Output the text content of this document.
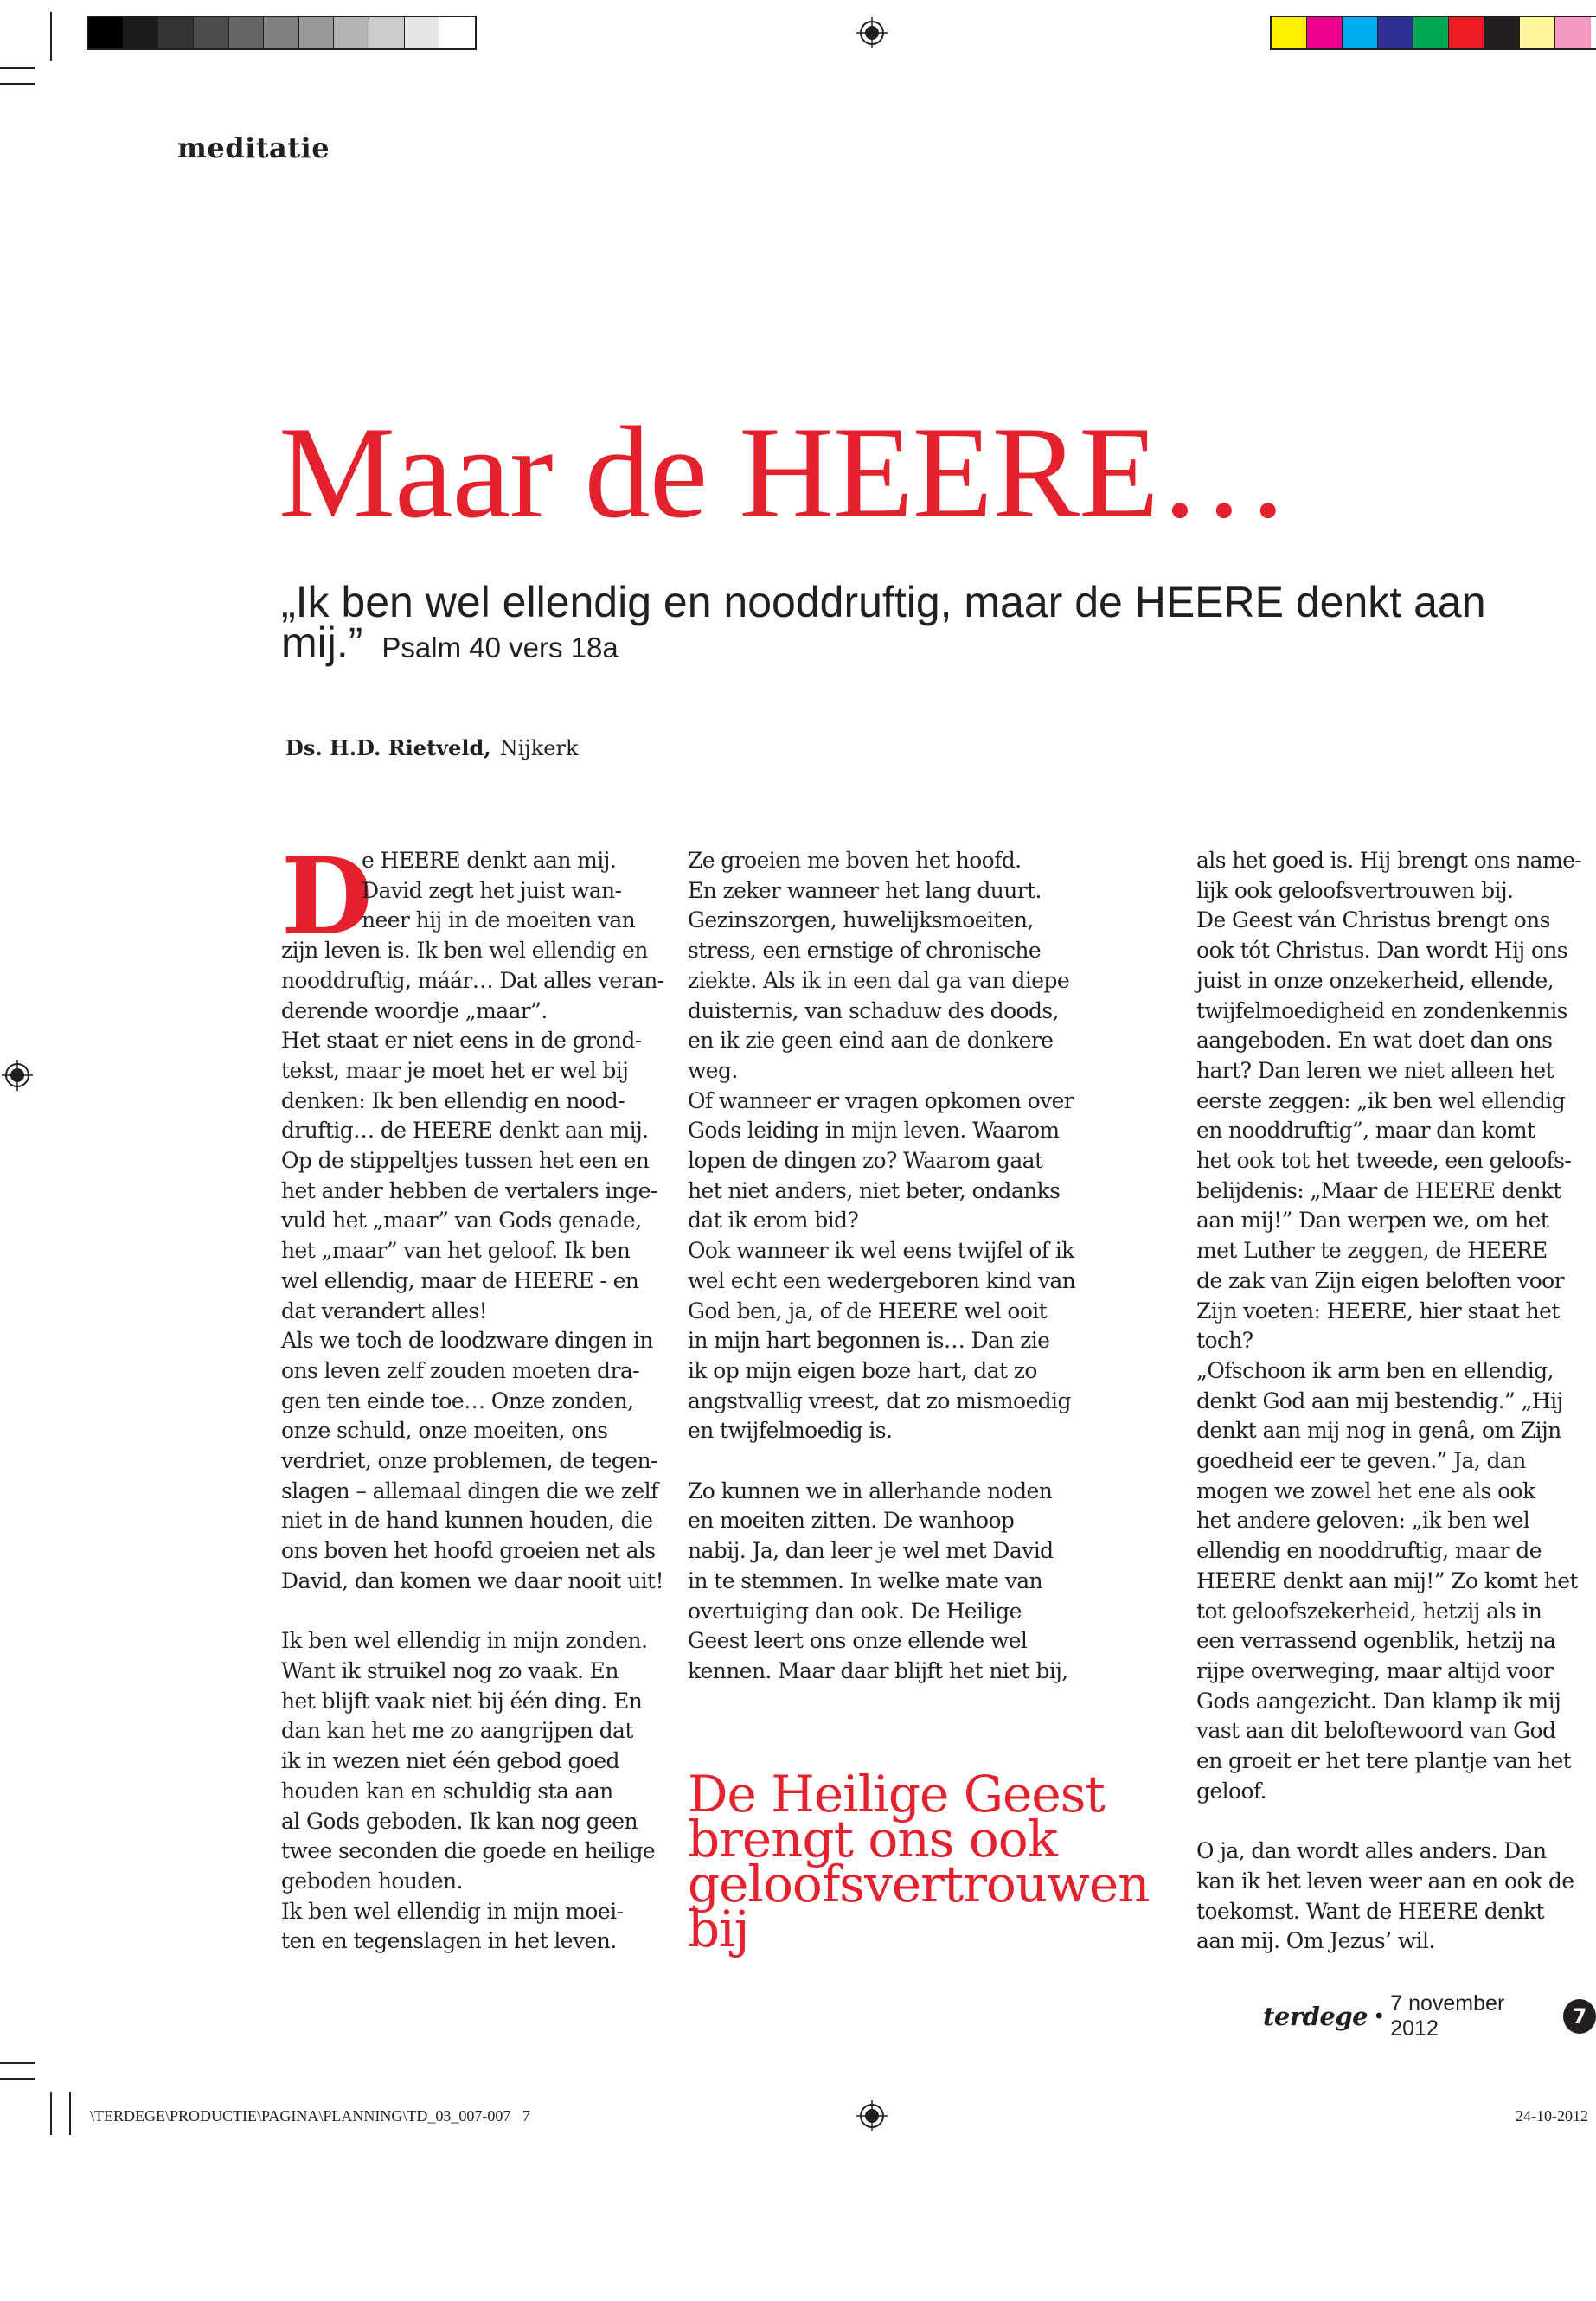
meditatie
Maar de HEERE…
„Ik ben wel ellendig en nooddruftig, maar de HEERE denkt aan
mij.” Psalm 40 vers 18a
Ds. H.D. Rietveld, Nijkerk
D

e HEERE denkt aan mij.

David zegt het juist wan-

neer hij in de moeiten van

zijn leven is. Ik ben wel ellendig en

nooddruftig, máár… Dat alles veran-

derende woordje „maar”.

Het staat er niet eens in de grond-

tekst, maar je moet het er wel bij

denken: Ik ben ellendig en nood-

druftig… de HEERE denkt aan mij.

Op de stippeltjes tussen het een en

het ander hebben de vertalers inge-

vuld het „maar” van Gods genade,

het „maar” van het geloof. Ik ben

wel ellendig, maar de HEERE - en

dat verandert alles!

Als we toch de loodzware dingen in

ons leven zelf zouden moeten dra-

gen ten einde toe… Onze zonden,

onze schuld, onze moeiten, ons

verdriet, onze problemen, de tegen-

slagen – allemaal dingen die we zelf

niet in de hand kunnen houden, die

ons boven het hoofd groeien net als

David, dan komen we daar nooit uit!

Ik ben wel ellendig in mijn zonden.

Want ik struikel nog zo vaak. En

het blijft vaak niet bij één ding. En

dan kan het me zo aangrijpen dat

ik in wezen niet één gebod goed

houden kan en schuldig sta aan

al Gods geboden. Ik kan nog geen

twee seconden die goede en heilige

geboden houden.

Ik ben wel ellendig in mijn moei-

ten en tegenslagen in het leven.

Ze groeien me boven het hoofd.

En zeker wanneer het lang duurt.

Gezinszorgen, huwelijksmoeiten,

stress, een ernstige of chronische

ziekte. Als ik in een dal ga van diepe

duisternis, van schaduw des doods,

en ik zie geen eind aan de donkere

weg.

Of wanneer er vragen opkomen over

Gods leiding in mijn leven. Waarom

lopen de dingen zo? Waarom gaat

het niet anders, niet beter, ondanks

dat ik erom bid?

Ook wanneer ik wel eens twijfel of ik

wel echt een wedergeboren kind van

God ben, ja, of de HEERE wel ooit

in mijn hart begonnen is… Dan zie

ik op mijn eigen boze hart, dat zo

angstvallig vreest, dat zo mismoedig

en twijfelmoedig is.

Zo kunnen we in allerhande noden

en moeiten zitten. De wanhoop

nabij. Ja, dan leer je wel met David

in te stemmen. In welke mate van

overtuiging dan ook. De Heilige

Geest leert ons onze ellende wel

kennen. Maar daar blijft het niet bij,

De Heilige Geest

brengt ons ook

geloofsvertrouwen

bij

als het goed is. Hij brengt ons name-

lijk ook geloofsvertrouwen bij.

De Geest ván Christus brengt ons

ook tót Christus. Dan wordt Hij ons

juist in onze onzekerheid, ellende,

twijfelmoedigheid en zondenkennis

aangeboden. En wat doet dan ons

hart? Dan leren we niet alleen het

eerste zeggen: „ik ben wel ellendig

en nooddruftig”, maar dan komt

het ook tot het tweede, een geloofs-

belijdenis: „Maar de HEERE denkt

aan mij!” Dan werpen we, om het

met Luther te zeggen, de HEERE

de zak van Zijn eigen beloften voor

Zijn voeten: HEERE, hier staat het

toch?

„Ofschoon ik arm ben en ellendig,

denkt God aan mij bestendig.” „Hij

denkt aan mij nog in genâ, om Zijn

goedheid eer te geven.” Ja, dan

mogen we zowel het ene als ook

het andere geloven: „ik ben wel

ellendig en nooddruftig, maar de

HEERE denkt aan mij!” Zo komt het

tot geloofszekerheid, hetzij als in

een verrassend ogenblik, hetzij na

rijpe overweging, maar altijd voor

Gods aangezicht. Dan klamp ik mij

vast aan dit beloftewoord van God

en groeit er het tere plantje van het

geloof.

O ja, dan wordt alles anders. Dan

kan ik het leven weer aan en ook de

toekomst. Want de HEERE denkt

aan mij. Om Jezus’ wil.

terdege •
7 november 2012	7
\TERDEGE\PRODUCTIE\PAGINA\PLANNING\TD_03_007-007   7	24-10-2012
